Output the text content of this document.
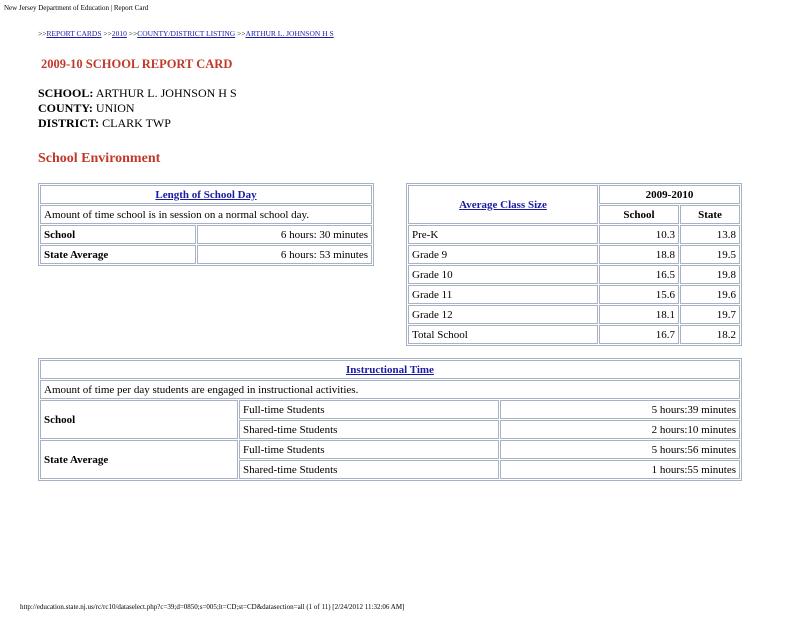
New Jersey Department of Education | Report Card
>>REPORT CARDS >>2010 >>COUNTY/DISTRICT LISTING >>ARTHUR L. JOHNSON H S
2009-10 SCHOOL REPORT CARD
SCHOOL: ARTHUR L. JOHNSON H S
COUNTY: UNION
DISTRICT: CLARK TWP
School Environment
Length of School Day	
Amount of time school is in session on a normal school day.	
School	6 hours: 30 minutes
State Average	6 hours: 53 minutes
Average Class Size	2009-2010	
	School	State
Pre-K	10.3	13.8
Grade 9	18.8	19.5
Grade 10	16.5	19.8
Grade 11	15.6	19.6
Grade 12	18.1	19.7
Total School	16.7	18.2
Instructional Time		
Amount of time per day students are engaged in instructional activities.		
School	Full-time Students	5 hours:39 minutes
	Shared-time Students	2 hours:10 minutes
State Average	Full-time Students	5 hours:56 minutes
	Shared-time Students	1 hours:55 minutes
http://education.state.nj.us/rc/rc10/dataselect.php?c=39;d=0850;s=005;lt=CD;st=CD&datasection=all (1 of 11) [2/24/2012 11:32:06 AM]
